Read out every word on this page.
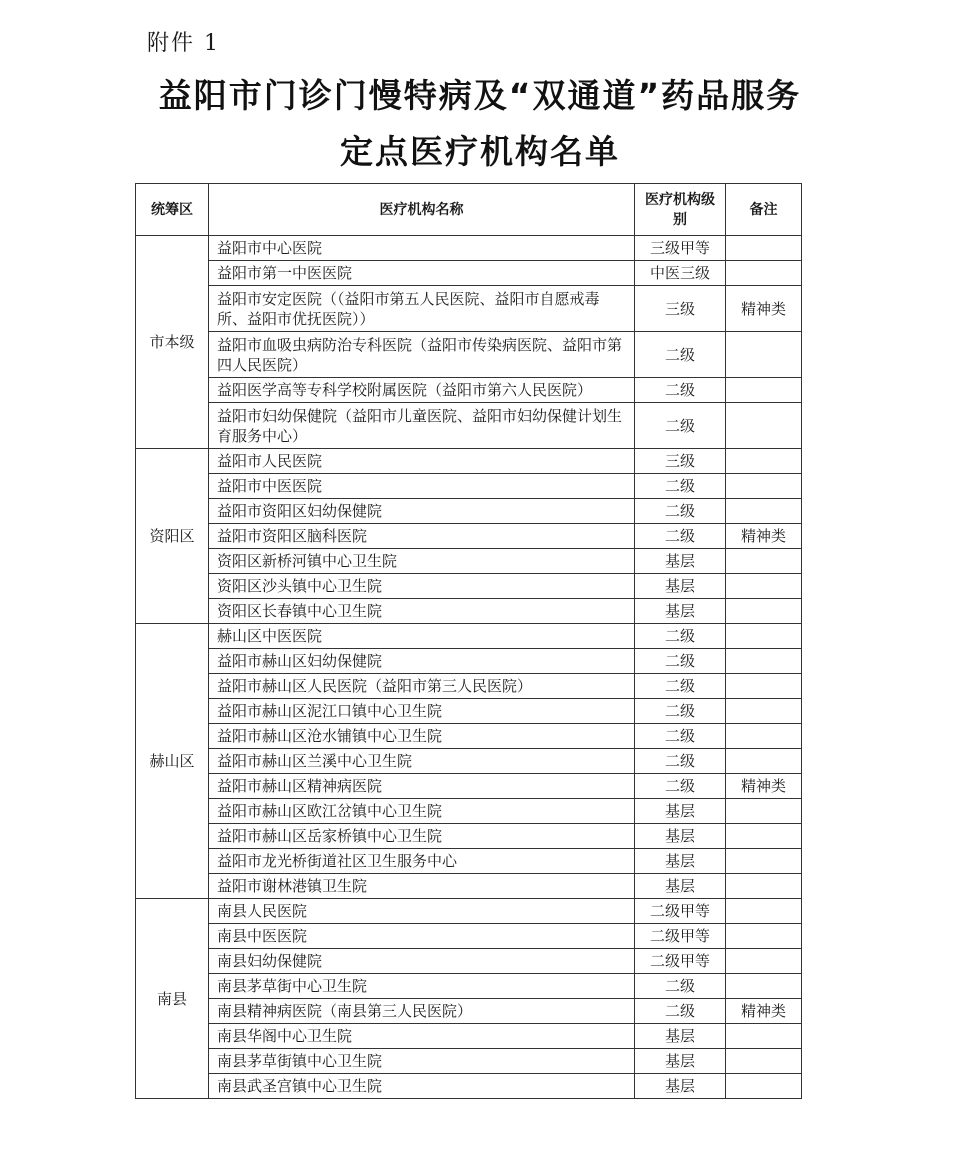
附件 1
益阳市门诊门慢特病及“双通道”药品服务
定点医疗机构名单
统筹区	医疗机构名称	医疗机构级别	备注
市本级	益阳市中心医院	三级甲等	
	益阳市第一中医医院	中医三级	
	益阳市安定医院（（益阳市第五人民医院、益阳市自愿戒毒所、益阳市优抚医院））	三级	精神类
	益阳市血吸虫病防治专科医院（益阳市传染病医院、益阳市第四人民医院）	二级	
	益阳医学高等专科学校附属医院（益阳市第六人民医院）	二级	
	益阳市妇幼保健院（益阳市儿童医院、益阳市妇幼保健计划生育服务中心）	二级	
资阳区	益阳市人民医院	三级	
	益阳市中医医院	二级	
	益阳市资阳区妇幼保健院	二级	
	益阳市资阳区脑科医院	二级	精神类
	资阳区新桥河镇中心卫生院	基层	
	资阳区沙头镇中心卫生院	基层	
	资阳区长春镇中心卫生院	基层	
赫山区	赫山区中医医院	二级	
	益阳市赫山区妇幼保健院	二级	
	益阳市赫山区人民医院（益阳市第三人民医院）	二级	
	益阳市赫山区泥江口镇中心卫生院	二级	
	益阳市赫山区沧水铺镇中心卫生院	二级	
	益阳市赫山区兰溪中心卫生院	二级	
	益阳市赫山区精神病医院	二级	精神类
	益阳市赫山区欧江岔镇中心卫生院	基层	
	益阳市赫山区岳家桥镇中心卫生院	基层	
	益阳市龙光桥街道社区卫生服务中心	基层	
	益阳市谢林港镇卫生院	基层	
南县	南县人民医院	二级甲等	
	南县中医医院	二级甲等	
	南县妇幼保健院	二级甲等	
	南县茅草街中心卫生院	二级	
	南县精神病医院（南县第三人民医院）	二级	精神类
	南县华阁中心卫生院	基层	
	南县茅草街镇中心卫生院	基层	
	南县武圣宫镇中心卫生院	基层	
